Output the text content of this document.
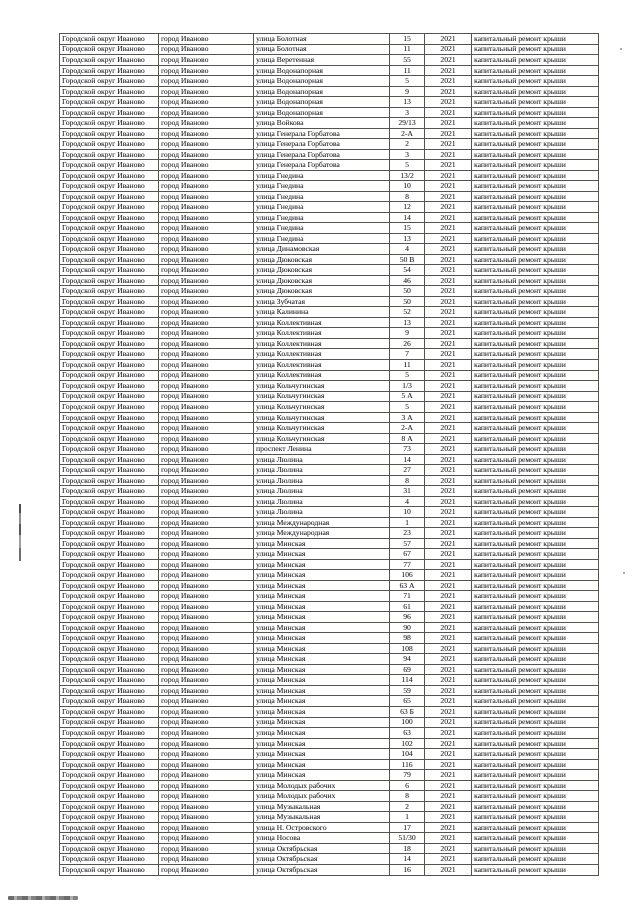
Городской округ Иваново	город Иваново	улица Болотная	15	2021	капитальный ремонт крыши
Городской округ Иваново	город Иваново	улица Болотная	11	2021	капитальный ремонт крыши
Городской округ Иваново	город Иваново	улица Веретенная	55	2021	капитальный ремонт крыши
Городской округ Иваново	город Иваново	улица Водонапорная	11	2021	капитальный ремонт крыши
Городской округ Иваново	город Иваново	улица Водонапорная	5	2021	капитальный ремонт крыши
Городской округ Иваново	город Иваново	улица Водонапорная	9	2021	капитальный ремонт крыши
Городской округ Иваново	город Иваново	улица Водонапорная	13	2021	капитальный ремонт крыши
Городской округ Иваново	город Иваново	улица Водонапорная	3	2021	капитальный ремонт крыши
Городской округ Иваново	город Иваново	улица Войкова	29/13	2021	капитальный ремонт крыши
Городской округ Иваново	город Иваново	улица Генерала Горбатова	2-А	2021	капитальный ремонт крыши
Городской округ Иваново	город Иваново	улица Генерала Горбатова	2	2021	капитальный ремонт крыши
Городской округ Иваново	город Иваново	улица Генерала Горбатова	3	2021	капитальный ремонт крыши
Городской округ Иваново	город Иваново	улица Генерала Горбатова	5	2021	капитальный ремонт крыши
Городской округ Иваново	город Иваново	улица Гнедина	13/2	2021	капитальный ремонт крыши
Городской округ Иваново	город Иваново	улица Гнедина	10	2021	капитальный ремонт крыши
Городской округ Иваново	город Иваново	улица Гнедина	8	2021	капитальный ремонт крыши
Городской округ Иваново	город Иваново	улица Гнедина	12	2021	капитальный ремонт крыши
Городской округ Иваново	город Иваново	улица Гнедина	14	2021	капитальный ремонт крыши
Городской округ Иваново	город Иваново	улица Гнедина	15	2021	капитальный ремонт крыши
Городской округ Иваново	город Иваново	улица Гнедина	13	2021	капитальный ремонт крыши
Городской округ Иваново	город Иваново	улица Динамовская	4	2021	капитальный ремонт крыши
Городской округ Иваново	город Иваново	улица Дюковская	50 В	2021	капитальный ремонт крыши
Городской округ Иваново	город Иваново	улица Дюковская	54	2021	капитальный ремонт крыши
Городской округ Иваново	город Иваново	улица Дюковская	46	2021	капитальный ремонт крыши
Городской округ Иваново	город Иваново	улица Дюковская	50	2021	капитальный ремонт крыши
Городской округ Иваново	город Иваново	улица Зубчатая	50	2021	капитальный ремонт крыши
Городской округ Иваново	город Иваново	улица Калинина	52	2021	капитальный ремонт крыши
Городской округ Иваново	город Иваново	улица Коллективная	13	2021	капитальный ремонт крыши
Городской округ Иваново	город Иваново	улица Коллективная	9	2021	капитальный ремонт крыши
Городской округ Иваново	город Иваново	улица Коллективная	26	2021	капитальный ремонт крыши
Городской округ Иваново	город Иваново	улица Коллективная	7	2021	капитальный ремонт крыши
Городской округ Иваново	город Иваново	улица Коллективная	11	2021	капитальный ремонт крыши
Городской округ Иваново	город Иваново	улица Коллективная	5	2021	капитальный ремонт крыши
Городской округ Иваново	город Иваново	улица Кольчугинская	1/3	2021	капитальный ремонт крыши
Городской округ Иваново	город Иваново	улица Кольчугинская	5 А	2021	капитальный ремонт крыши
Городской округ Иваново	город Иваново	улица Кольчугинская	5	2021	капитальный ремонт крыши
Городской округ Иваново	город Иваново	улица Кольчугинская	3 А	2021	капитальный ремонт крыши
Городской округ Иваново	город Иваново	улица Кольчугинская	2-А	2021	капитальный ремонт крыши
Городской округ Иваново	город Иваново	улица Кольчугинская	8 А	2021	капитальный ремонт крыши
Городской округ Иваново	город Иваново	проспект Ленина	73	2021	капитальный ремонт крыши
Городской округ Иваново	город Иваново	улица Люлина	14	2021	капитальный ремонт крыши
Городской округ Иваново	город Иваново	улица Люлина	27	2021	капитальный ремонт крыши
Городской округ Иваново	город Иваново	улица Люлина	8	2021	капитальный ремонт крыши
Городской округ Иваново	город Иваново	улица Люлина	31	2021	капитальный ремонт крыши
Городской округ Иваново	город Иваново	улица Люлина	4	2021	капитальный ремонт крыши
Городской округ Иваново	город Иваново	улица Люлина	10	2021	капитальный ремонт крыши
Городской округ Иваново	город Иваново	улица Международная	1	2021	капитальный ремонт крыши
Городской округ Иваново	город Иваново	улица Международная	23	2021	капитальный ремонт крыши
Городской округ Иваново	город Иваново	улица Минская	57	2021	капитальный ремонт крыши
Городской округ Иваново	город Иваново	улица Минская	67	2021	капитальный ремонт крыши
Городской округ Иваново	город Иваново	улица Минская	77	2021	капитальный ремонт крыши
Городской округ Иваново	город Иваново	улица Минская	106	2021	капитальный ремонт крыши
Городской округ Иваново	город Иваново	улица Минская	63 А	2021	капитальный ремонт крыши
Городской округ Иваново	город Иваново	улица Минская	71	2021	капитальный ремонт крыши
Городской округ Иваново	город Иваново	улица Минская	61	2021	капитальный ремонт крыши
Городской округ Иваново	город Иваново	улица Минская	96	2021	капитальный ремонт крыши
Городской округ Иваново	город Иваново	улица Минская	90	2021	капитальный ремонт крыши
Городской округ Иваново	город Иваново	улица Минская	98	2021	капитальный ремонт крыши
Городской округ Иваново	город Иваново	улица Минская	108	2021	капитальный ремонт крыши
Городской округ Иваново	город Иваново	улица Минская	94	2021	капитальный ремонт крыши
Городской округ Иваново	город Иваново	улица Минская	69	2021	капитальный ремонт крыши
Городской округ Иваново	город Иваново	улица Минская	114	2021	капитальный ремонт крыши
Городской округ Иваново	город Иваново	улица Минская	59	2021	капитальный ремонт крыши
Городской округ Иваново	город Иваново	улица Минская	65	2021	капитальный ремонт крыши
Городской округ Иваново	город Иваново	улица Минская	63 Б	2021	капитальный ремонт крыши
Городской округ Иваново	город Иваново	улица Минская	100	2021	капитальный ремонт крыши
Городской округ Иваново	город Иваново	улица Минская	63	2021	капитальный ремонт крыши
Городской округ Иваново	город Иваново	улица Минская	102	2021	капитальный ремонт крыши
Городской округ Иваново	город Иваново	улица Минская	104	2021	капитальный ремонт крыши
Городской округ Иваново	город Иваново	улица Минская	116	2021	капитальный ремонт крыши
Городской округ Иваново	город Иваново	улица Минская	79	2021	капитальный ремонт крыши
Городской округ Иваново	город Иваново	улица Молодых рабочих	6	2021	капитальный ремонт крыши
Городской округ Иваново	город Иваново	улица Молодых рабочих	8	2021	капитальный ремонт крыши
Городской округ Иваново	город Иваново	улица Музыкальная	2	2021	капитальный ремонт крыши
Городской округ Иваново	город Иваново	улица Музыкальная	1	2021	капитальный ремонт крыши
Городской округ Иваново	город Иваново	улица Н. Островского	17	2021	капитальный ремонт крыши
Городской округ Иваново	город Иваново	улица Носова	51/30	2021	капитальный ремонт крыши
Городской округ Иваново	город Иваново	улица Октябрьская	18	2021	капитальный ремонт крыши
Городской округ Иваново	город Иваново	улица Октябрьская	14	2021	капитальный ремонт крыши
Городской округ Иваново	город Иваново	улица Октябрьская	16	2021	капитальный ремонт крыши
